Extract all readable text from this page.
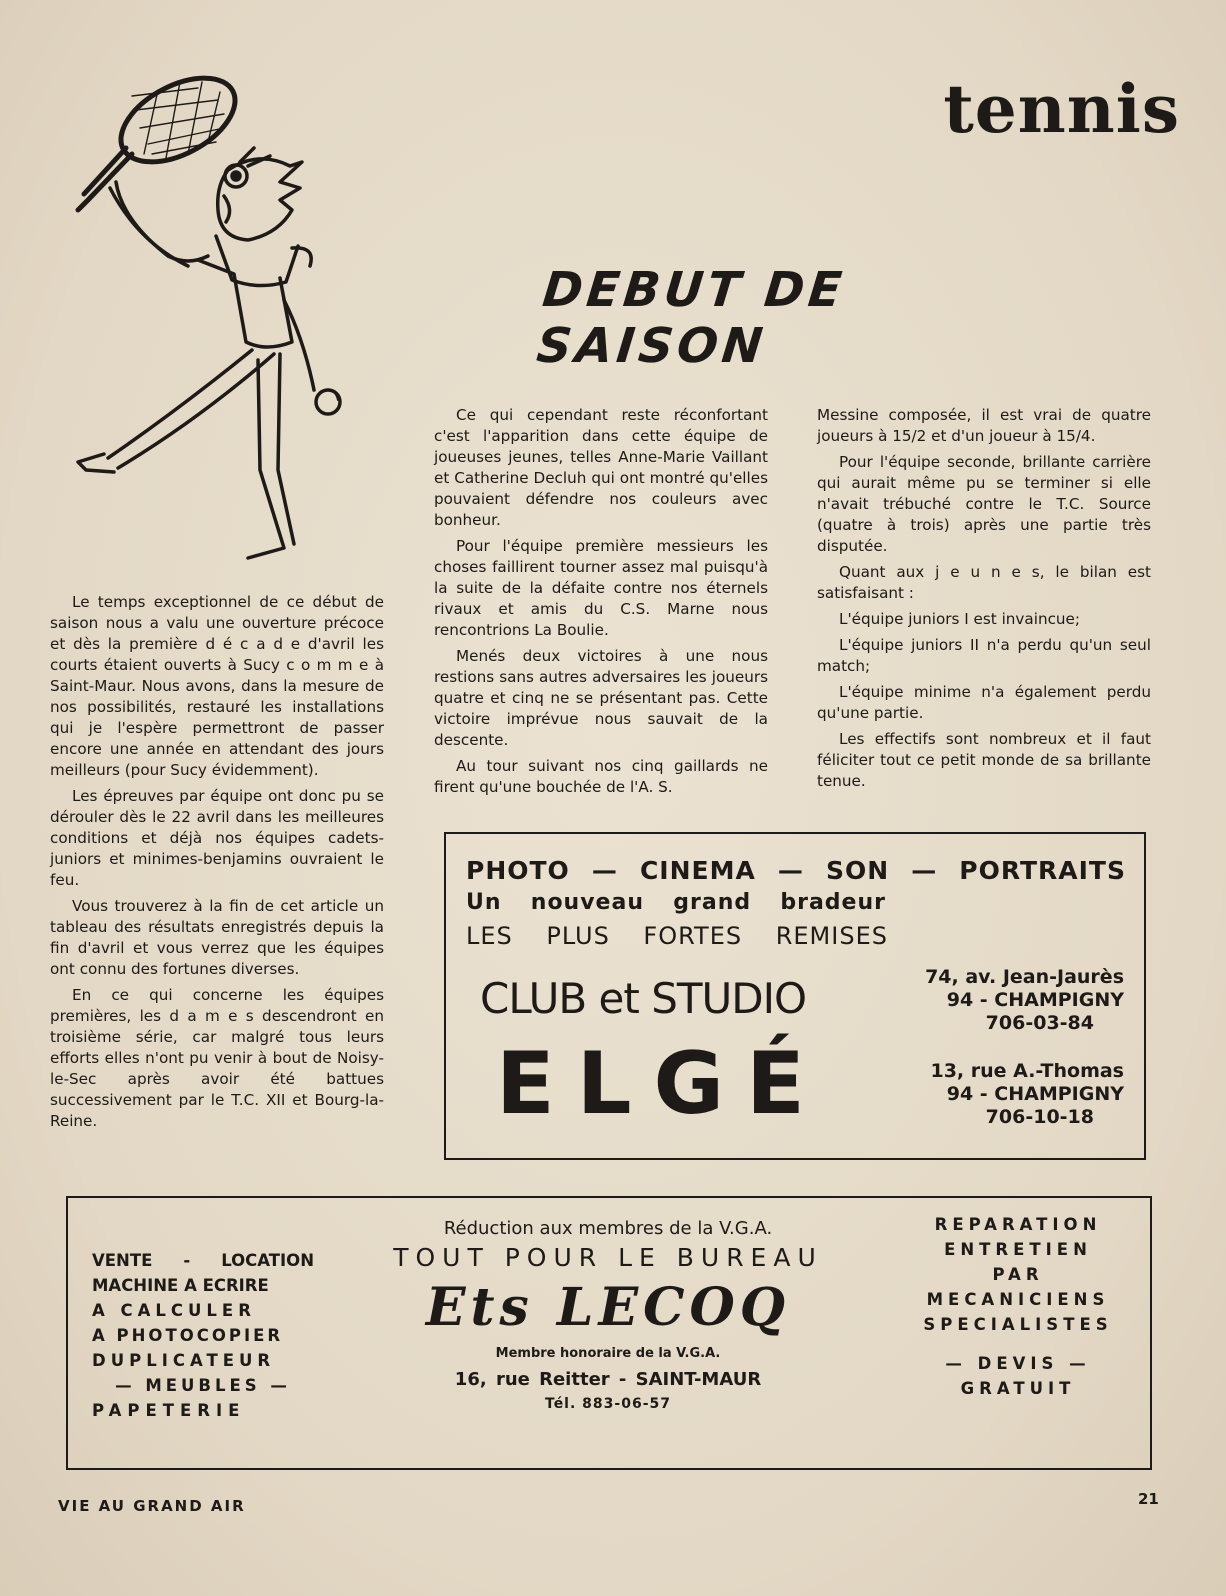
tennis
DEBUT DE SAISON

Le temps exceptionnel de ce début de saison nous a valu une ouverture précoce et dès la première d é c a d e d'avril les courts étaient ouverts à Sucy c o m m e à Saint-Maur. Nous avons, dans la mesure de nos possibilités, restauré les installations qui je l'espère permettront de passer encore une année en attendant des jours meilleurs (pour Sucy évidemment).

Les épreuves par équipe ont donc pu se dérouler dès le 22 avril dans les meilleures conditions et déjà nos équipes cadets-juniors et minimes-benjamins ouvraient le feu.

Vous trouverez à la fin de cet article un tableau des résultats enregistrés depuis la fin d'avril et vous verrez que les équipes ont connu des fortunes diverses.

En ce qui concerne les équipes premières, les d a m e s descendront en troisième série, car malgré tous leurs efforts elles n'ont pu venir à bout de Noisy-le-Sec après avoir été battues successivement par le T.C. XII et Bourg-la-Reine.

Ce qui cependant reste réconfortant c'est l'apparition dans cette équipe de joueuses jeunes, telles Anne-Marie Vaillant et Catherine Decluh qui ont montré qu'elles pouvaient défendre nos couleurs avec bonheur.

Pour l'équipe première messieurs les choses faillirent tourner assez mal puisqu'à la suite de la défaite contre nos éternels rivaux et amis du C.S. Marne nous rencontrions La Boulie.

Menés deux victoires à une nous restions sans autres adversaires les joueurs quatre et cinq ne se présentant pas. Cette victoire imprévue nous sauvait de la descente.

Au tour suivant nos cinq gaillards ne firent qu'une bouchée de l'A. S.

Messine composée, il est vrai de quatre joueurs à 15/2 et d'un joueur à 15/4.

Pour l'équipe seconde, brillante carrière qui aurait même pu se terminer si elle n'avait trébuché contre le T.C. Source (quatre à trois) après une partie très disputée.

Quant aux j e u n e s, le bilan est satisfaisant :

L'équipe juniors I est invaincue;

L'équipe juniors II n'a perdu qu'un seul match;

L'équipe minime n'a également perdu qu'une partie.

Les effectifs sont nombreux et il faut féliciter tout ce petit monde de sa brillante tenue.

PHOTO — CINEMA — SON — PORTRAITS
Un nouveau grand bradeur
LES PLUS FORTES REMISES
CLUB et STUDIO
ELGÉ
74, av. Jean-Jaurès
94 - CHAMPIGNY
706-03-84
13, rue A.-Thomas
94 - CHAMPIGNY
706-10-18
VENTE - LOCATION
MACHINE A ECRIRE
A CALCULER
A PHOTOCOPIER
DUPLICATEUR
— MEUBLES —
PAPETERIE
Réduction aux membres de la V.G.A.
TOUT POUR LE BUREAU
Ets LECOQ
Membre honoraire de la V.G.A.
16, rue Reitter - SAINT-MAUR
Tél. 883-06-57
REPARATION
ENTRETIEN
PAR
MECANICIENS
SPECIALISTES
— DEVIS —
GRATUIT
VIE AU GRAND AIR	21
